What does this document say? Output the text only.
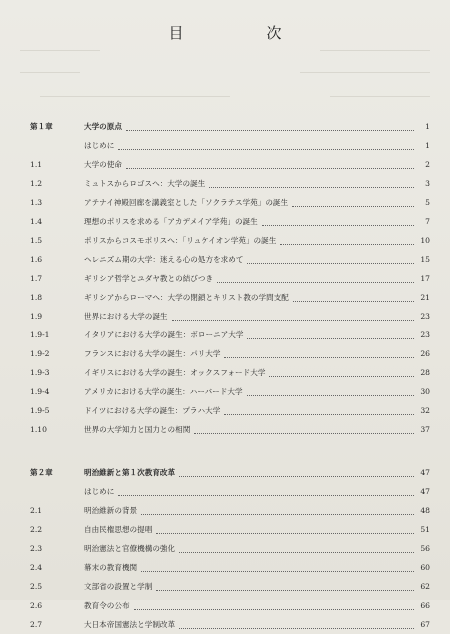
目　次
第１章	大学の原点	1
はじめに	1
1.1	大学の使命	2
1.2	ミュトスからロゴスへ：大学の誕生	3
1.3	アテナイ神殿回廊を講義室とした「ソクラテス学苑」の誕生	5
1.4	理想のポリスを求める「アカデメイア学苑」の誕生	7
1.5	ポリスからコスモポリスへ：「リュケイオン学苑」の誕生	10
1.6	ヘレニズム期の大学：迷える心の処方を求めて	15
1.7	ギリシア哲学とユダヤ教との結びつき	17
1.8	ギリシアからローマへ：大学の閉鎖とキリスト教の学問支配	21
1.9	世界における大学の誕生	23
1.9-1	イタリアにおける大学の誕生：ボローニア大学	23
1.9-2	フランスにおける大学の誕生：パリ大学	26
1.9-3	イギリスにおける大学の誕生：オックスフォード大学	28
1.9-4	アメリカにおける大学の誕生：ハーバード大学	30
1.9-5	ドイツにおける大学の誕生：プラハ大学	32
1.10	世界の大学知力と国力との相関	37
第２章	明治維新と第１次教育改革	47
はじめに	47
2.1	明治維新の背景	48
2.2	自由民権思想の提唱	51
2.3	明治憲法と官僚機構の強化	56
2.4	幕末の教育機関	60
2.5	文部省の設置と学制	62
2.6	教育令の公布	66
2.7	大日本帝国憲法と学制改革	67
